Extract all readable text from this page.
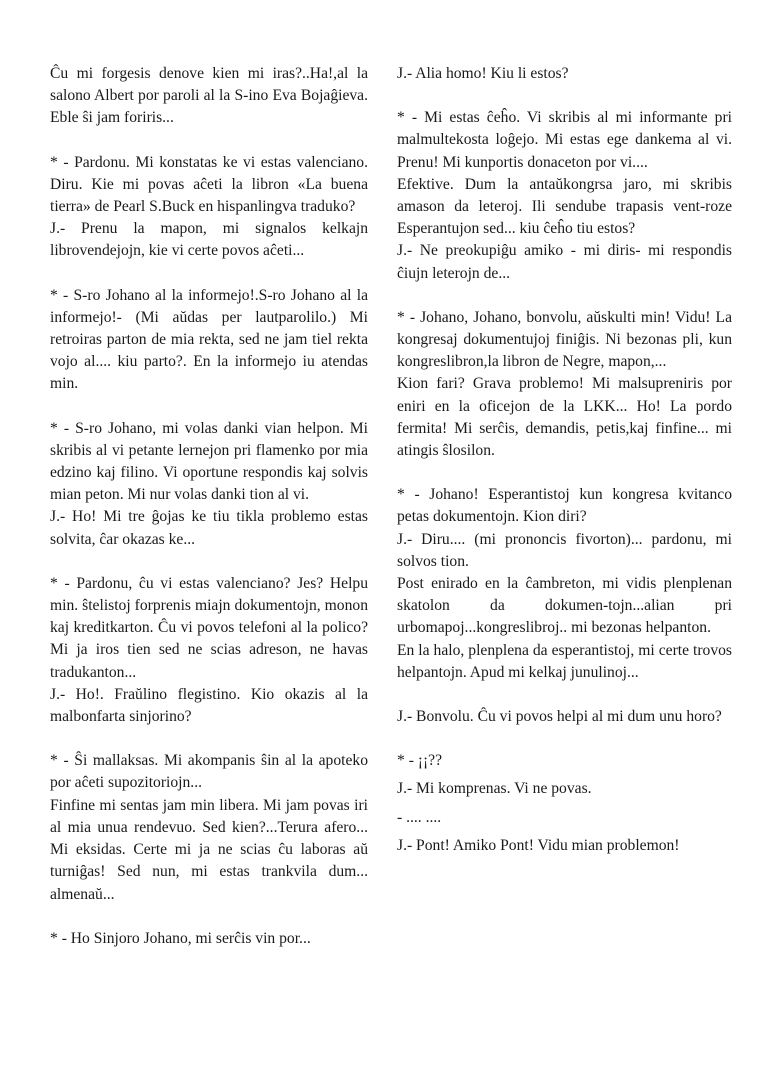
Ĉu mi forgesis denove kien mi iras?..Ha!,al la salono Albert por paroli al la S-ino Eva Bojaĝieva. Eble ŝi jam foriris...

* - Pardonu. Mi konstatas ke vi estas valenciano. Diru. Kie mi povas aĉeti la libron «La buena tierra» de Pearl S.Buck en hispanlingva traduko?
J.- Prenu la mapon, mi signalos kelkajn librovendejojn, kie vi certe povos aĉeti...

* - S-ro Johano al la informejo!.S-ro Johano al la informejo!- (Mi aŭdas per lautparolilo.) Mi retroiras parton de mia rekta, sed ne jam tiel rekta vojo al.... kiu parto?. En la informejo iu atendas min.

* - S-ro Johano, mi volas danki vian helpon. Mi skribis al vi petante lernejon pri flamenko por mia edzino kaj filino. Vi oportune respondis kaj solvis mian peton. Mi nur volas danki tion al vi.
J.- Ho! Mi tre ĝojas ke tiu tikla problemo estas solvita, ĉar okazas ke...

* - Pardonu, ĉu vi estas valenciano? Jes? Helpu min. ŝtelistoj forprenis miajn dokumentojn, monon kaj kreditkarton. Ĉu vi povos telefoni al la polico? Mi ja iros tien sed ne scias adreson, ne havas tradukanton...
J.- Ho!. Fraŭlino flegistino. Kio okazis al la malbonfarta sinjorino?

* - Ŝi mallaksas. Mi akompanis ŝin al la apoteko por aĉeti supozitoriojn...
Finfine mi sentas jam min libera. Mi jam povas iri al mia unua rendevuo. Sed kien?...Terura afero... Mi eksidas. Certe mi ja ne scias ĉu laboras aŭ turniĝas! Sed nun, mi estas trankvila dum... almenaŭ...

* - Ho Sinjoro Johano, mi serĉis vin por...

J.- Alia homo! Kiu li estos?

* - Mi estas ĉeĥo. Vi skribis al mi informante pri malmultekosta loĝejo. Mi estas ege dankema al vi. Prenu! Mi kunportis donaceton por vi....
Efektive. Dum la antaŭkongrsa jaro, mi skribis amason da leteroj. Ili sendube trapasis vent-roze Esperantujon sed... kiu ĉeĥo tiu estos?
J.- Ne preokupiĝu amiko - mi diris- mi respondis ĉiujn leterojn de...

* - Johano, Johano, bonvolu, aŭskulti min! Vidu! La kongresaj dokumentujoj finiĝis. Ni bezonas pli, kun kongreslibron,la libron de Negre, mapon,...
Kion fari? Grava problemo! Mi malsupreniris por eniri en la oficejon de la LKK... Ho! La pordo fermita! Mi serĉis, demandis, petis,kaj finfine... mi atingis ŝlosilon.

* - Johano! Esperantistoj kun kongresa kvitanco petas dokumentojn. Kion diri?
J.- Diru.... (mi prononcis fivorton)... pardonu, mi solvos tion.
Post enirado en la ĉambreton, mi vidis plenplenan skatolon da dokumen-tojn...alian pri urbomapoj...kongreslibroj.. mi bezonas helpanton.
En la halo, plenplena da esperantistoj, mi certe trovos helpantojn. Apud mi kelkaj junulinoj...

J.- Bonvolu. Ĉu vi povos helpi al mi dum unu horo?

* - ¡¡??

J.- Mi komprenas. Vi ne povas.

- .... ....

J.- Pont! Amiko Pont! Vidu mian problemon!
